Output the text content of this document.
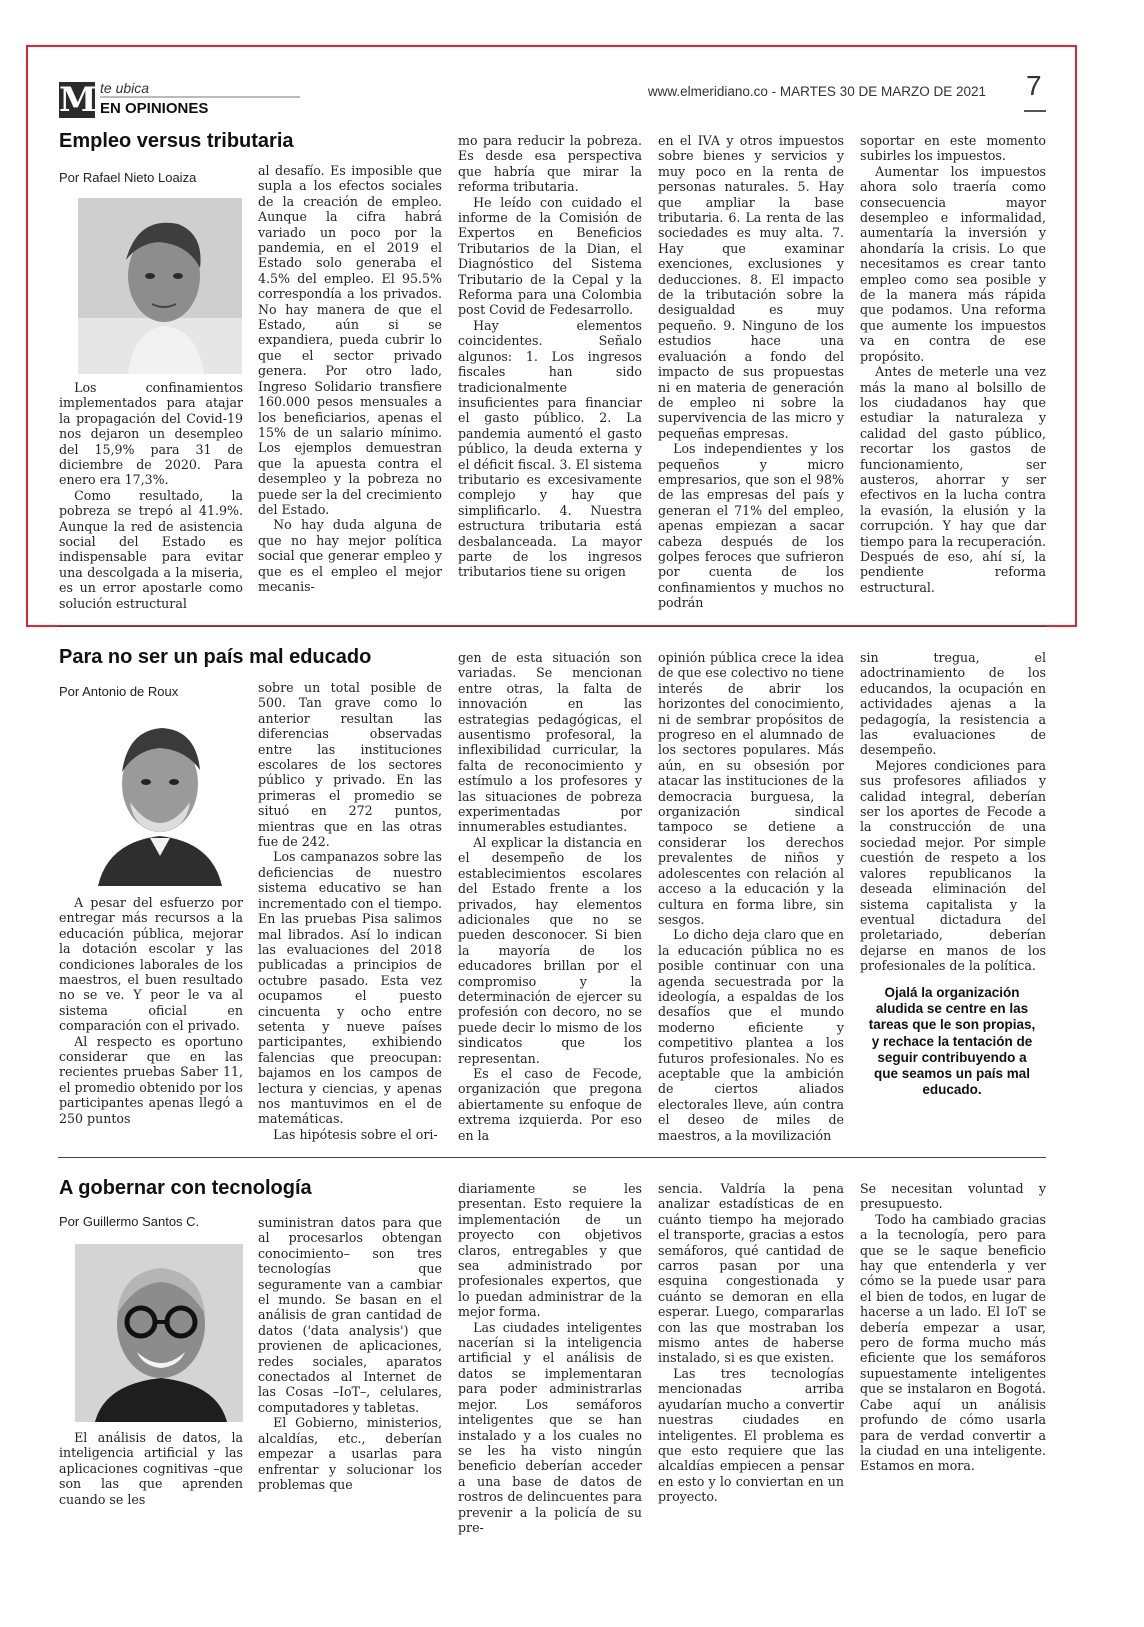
M te ubica
EN OPINIONES
www.elmeridiano.co - MARTES 30 DE MARZO DE 2021 7
Empleo versus tributaria
Por Rafael Nieto Loaiza

Los confinamientos implementados para atajar la propagación del Covid-19 nos dejaron un desempleo del 15,9% para 31 de diciembre de 2020. Para enero era 17,3%.

Como resultado, la pobreza se trepó al 41.9%. Aunque la red de asistencia social del Estado es indispensable para evitar una descolgada a la miseria, es un error apostarle como solución estructural

al desafío. Es imposible que supla a los efectos sociales de la creación de empleo. Aunque la cifra habrá variado un poco por la pandemia, en el 2019 el Estado solo generaba el 4.5% del empleo. El 95.5% correspondía a los privados. No hay manera de que el Estado, aún si se expandiera, pueda cubrir lo que el sector privado genera. Por otro lado, Ingreso Solidario transfiere 160.000 pesos mensuales a los beneficiarios, apenas el 15% de un salario mínimo. Los ejemplos demuestran que la apuesta contra el desempleo y la pobreza no puede ser la del crecimiento del Estado.

No hay duda alguna de que no hay mejor política social que generar empleo y que es el empleo el mejor mecanis-

mo para reducir la pobreza. Es desde esa perspectiva que habría que mirar la reforma tributaria.

He leído con cuidado el informe de la Comisión de Expertos en Beneficios Tributarios de la Dian, el Diagnóstico del Sistema Tributario de la Cepal y la Reforma para una Colombia post Covid de Fedesarrollo.

Hay elementos coincidentes. Señalo algunos: 1. Los ingresos fiscales han sido tradicionalmente insuficientes para financiar el gasto público. 2. La pandemia aumentó el gasto público, la deuda externa y el déficit fiscal. 3. El sistema tributario es excesivamente complejo y hay que simplificarlo. 4. Nuestra estructura tributaria está desbalanceada. La mayor parte de los ingresos tributarios tiene su origen

en el IVA y otros impuestos sobre bienes y servicios y muy poco en la renta de personas naturales. 5. Hay que ampliar la base tributaria. 6. La renta de las sociedades es muy alta. 7. Hay que examinar exenciones, exclusiones y deducciones. 8. El impacto de la tributación sobre la desigualdad es muy pequeño. 9. Ninguno de los estudios hace una evaluación a fondo del impacto de sus propuestas ni en materia de generación de empleo ni sobre la supervivencia de las micro y pequeñas empresas.

Los independientes y los pequeños y micro empresarios, que son el 98% de las empresas del país y generan el 71% del empleo, apenas empiezan a sacar cabeza después de los golpes feroces que sufrieron por cuenta de los confinamientos y muchos no podrán

soportar en este momento subirles los impuestos.

Aumentar los impuestos ahora solo traería como consecuencia mayor desempleo e informalidad, aumentaría la inversión y ahondaría la crisis. Lo que necesitamos es crear tanto empleo como sea posible y de la manera más rápida que podamos. Una reforma que aumente los impuestos va en contra de ese propósito.

Antes de meterle una vez más la mano al bolsillo de los ciudadanos hay que estudiar la naturaleza y calidad del gasto público, recortar los gastos de funcionamiento, ser austeros, ahorrar y ser efectivos en la lucha contra la evasión, la elusión y la corrupción. Y hay que dar tiempo para la recuperación. Después de eso, ahí sí, la pendiente reforma estructural.

Para no ser un país mal educado
Por Antonio de Roux

A pesar del esfuerzo por entregar más recursos a la educación pública, mejorar la dotación escolar y las condiciones laborales de los maestros, el buen resultado no se ve. Y peor le va al sistema oficial en comparación con el privado.

Al respecto es oportuno considerar que en las recientes pruebas Saber 11, el promedio obtenido por los participantes apenas llegó a 250 puntos

sobre un total posible de 500. Tan grave como lo anterior resultan las diferencias observadas entre las instituciones escolares de los sectores público y privado. En las primeras el promedio se situó en 272 puntos, mientras que en las otras fue de 242.

Los campanazos sobre las deficiencias de nuestro sistema educativo se han incrementado con el tiempo. En las pruebas Pisa salimos mal librados. Así lo indican las evaluaciones del 2018 publicadas a principios de octubre pasado. Esta vez ocupamos el puesto cincuenta y ocho entre setenta y nueve países participantes, exhibiendo falencias que preocupan: bajamos en los campos de lectura y ciencias, y apenas nos mantuvimos en el de matemáticas.

Las hipótesis sobre el ori-

gen de esta situación son variadas. Se mencionan entre otras, la falta de innovación en las estrategias pedagógicas, el ausentismo profesoral, la inflexibilidad curricular, la falta de reconocimiento y estímulo a los profesores y las situaciones de pobreza experimentadas por innumerables estudiantes.

Al explicar la distancia en el desempeño de los establecimientos escolares del Estado frente a los privados, hay elementos adicionales que no se pueden desconocer. Si bien la mayoría de los educadores brillan por el compromiso y la determinación de ejercer su profesión con decoro, no se puede decir lo mismo de los sindicatos que los representan.

Es el caso de Fecode, organización que pregona abiertamente su enfoque de extrema izquierda. Por eso en la

opinión pública crece la idea de que ese colectivo no tiene interés de abrir los horizontes del conocimiento, ni de sembrar propósitos de progreso en el alumnado de los sectores populares. Más aún, en su obsesión por atacar las instituciones de la democracia burguesa, la organización sindical tampoco se detiene a considerar los derechos prevalentes de niños y adolescentes con relación al acceso a la educación y la cultura en forma libre, sin sesgos.

Lo dicho deja claro que en la educación pública no es posible continuar con una agenda secuestrada por la ideología, a espaldas de los desafíos que el mundo moderno eficiente y competitivo plantea a los futuros profesionales. No es aceptable que la ambición de ciertos aliados electorales lleve, aún contra el deseo de miles de maestros, a la movilización

sin tregua, el adoctrinamiento de los educandos, la ocupación en actividades ajenas a la pedagogía, la resistencia a las evaluaciones de desempeño.

Mejores condiciones para sus profesores afiliados y calidad integral, deberían ser los aportes de Fecode a la construcción de una sociedad mejor. Por simple cuestión de respeto a los valores republicanos la deseada eliminación del sistema capitalista y la eventual dictadura del proletariado, deberían dejarse en manos de los profesionales de la política.

Ojalá la organización aludida se centre en las tareas que le son propias, y rechace la tentación de seguir contribuyendo a que seamos un país mal educado.
A gobernar con tecnología
Por Guillermo Santos C.

El análisis de datos, la inteligencia artificial y las aplicaciones cognitivas –que son las que aprenden cuando se les

suministran datos para que al procesarlos obtengan conocimiento– son tres tecnologías que seguramente van a cambiar el mundo. Se basan en el análisis de gran cantidad de datos ('data analysis') que provienen de aplicaciones, redes sociales, aparatos conectados al Internet de las Cosas –IoT–, celulares, computadores y tabletas.

El Gobierno, ministerios, alcaldías, etc., deberían empezar a usarlas para enfrentar y solucionar los problemas que

diariamente se les presentan. Esto requiere la implementación de un proyecto con objetivos claros, entregables y que sea administrado por profesionales expertos, que lo puedan administrar de la mejor forma.

Las ciudades inteligentes nacerían si la inteligencia artificial y el análisis de datos se implementaran para poder administrarlas mejor. Los semáforos inteligentes que se han instalado y a los cuales no se les ha visto ningún beneficio deberían acceder a una base de datos de rostros de delincuentes para prevenir a la policía de su pre-

sencia. Valdría la pena analizar estadísticas de en cuánto tiempo ha mejorado el transporte, gracias a estos semáforos, qué cantidad de carros pasan por una esquina congestionada y cuánto se demoran en ella esperar. Luego, compararlas con las que mostraban los mismo antes de haberse instalado, si es que existen.

Las tres tecnologías mencionadas arriba ayudarían mucho a convertir nuestras ciudades en inteligentes. El problema es que esto requiere que las alcaldías empiecen a pensar en esto y lo conviertan en un proyecto.

Se necesitan voluntad y presupuesto.

Todo ha cambiado gracias a la tecnología, pero para que se le saque beneficio hay que entenderla y ver cómo se la puede usar para el bien de todos, en lugar de hacerse a un lado. El IoT se debería empezar a usar, pero de forma mucho más eficiente que los semáforos supuestamente inteligentes que se instalaron en Bogotá. Cabe aquí un análisis profundo de cómo usarla para de verdad convertir a la ciudad en una inteligente. Estamos en mora.
